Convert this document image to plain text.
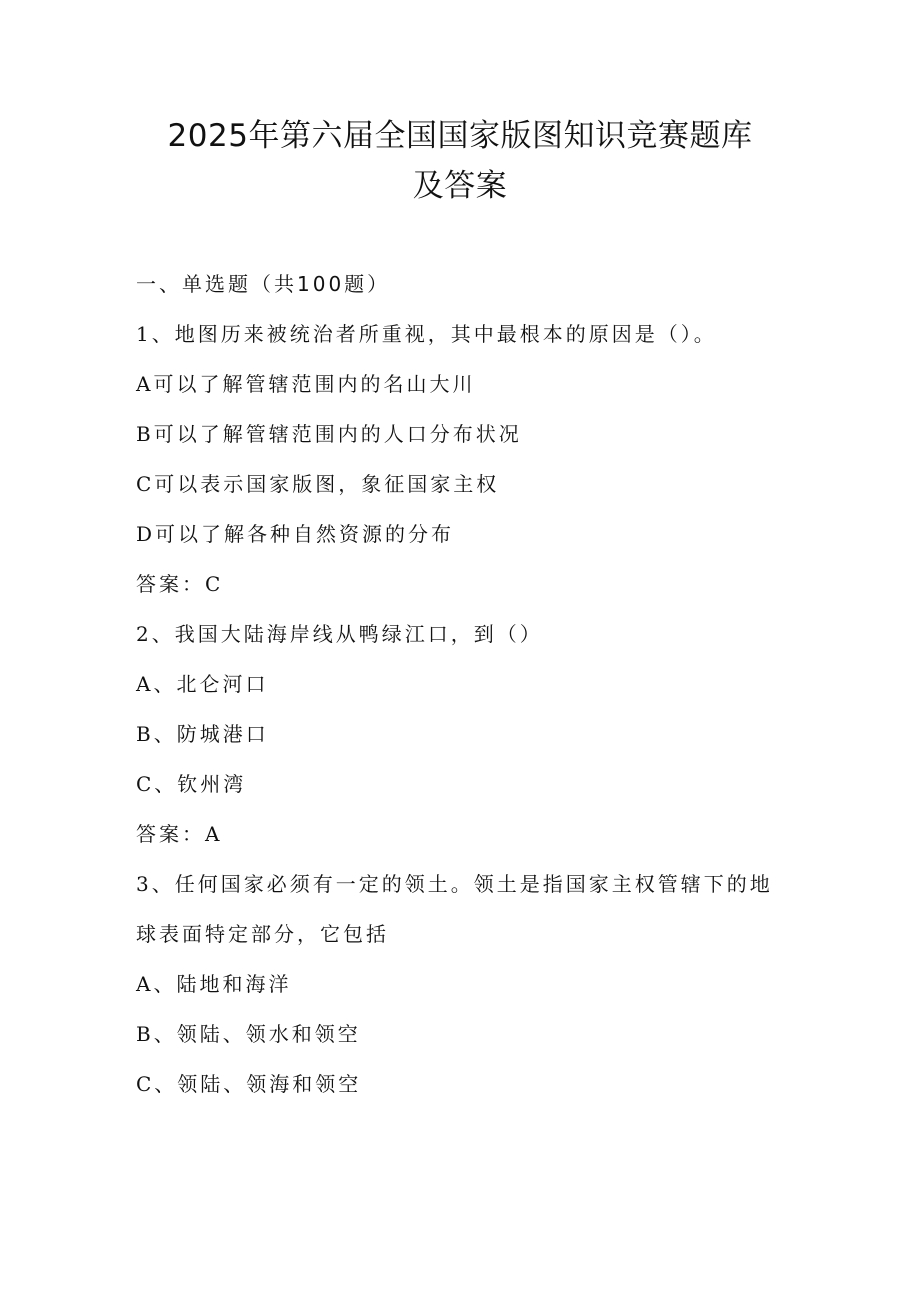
2025年第六届全国国家版图知识竞赛题库
及答案
一、单选题（共100题）
1、地图历来被统治者所重视，其中最根本的原因是（）。
A可以了解管辖范围内的名山大川
B可以了解管辖范围内的人口分布状况
C可以表示国家版图，象征国家主权
D可以了解各种自然资源的分布
答案：C
2、我国大陆海岸线从鸭绿江口，到（）
A、北仑河口
B、防城港口
C、钦州湾
答案：A
3、任何国家必须有一定的领土。领土是指国家主权管辖下的地
球表面特定部分，它包括
A、陆地和海洋
B、领陆、领水和领空
C、领陆、领海和领空
